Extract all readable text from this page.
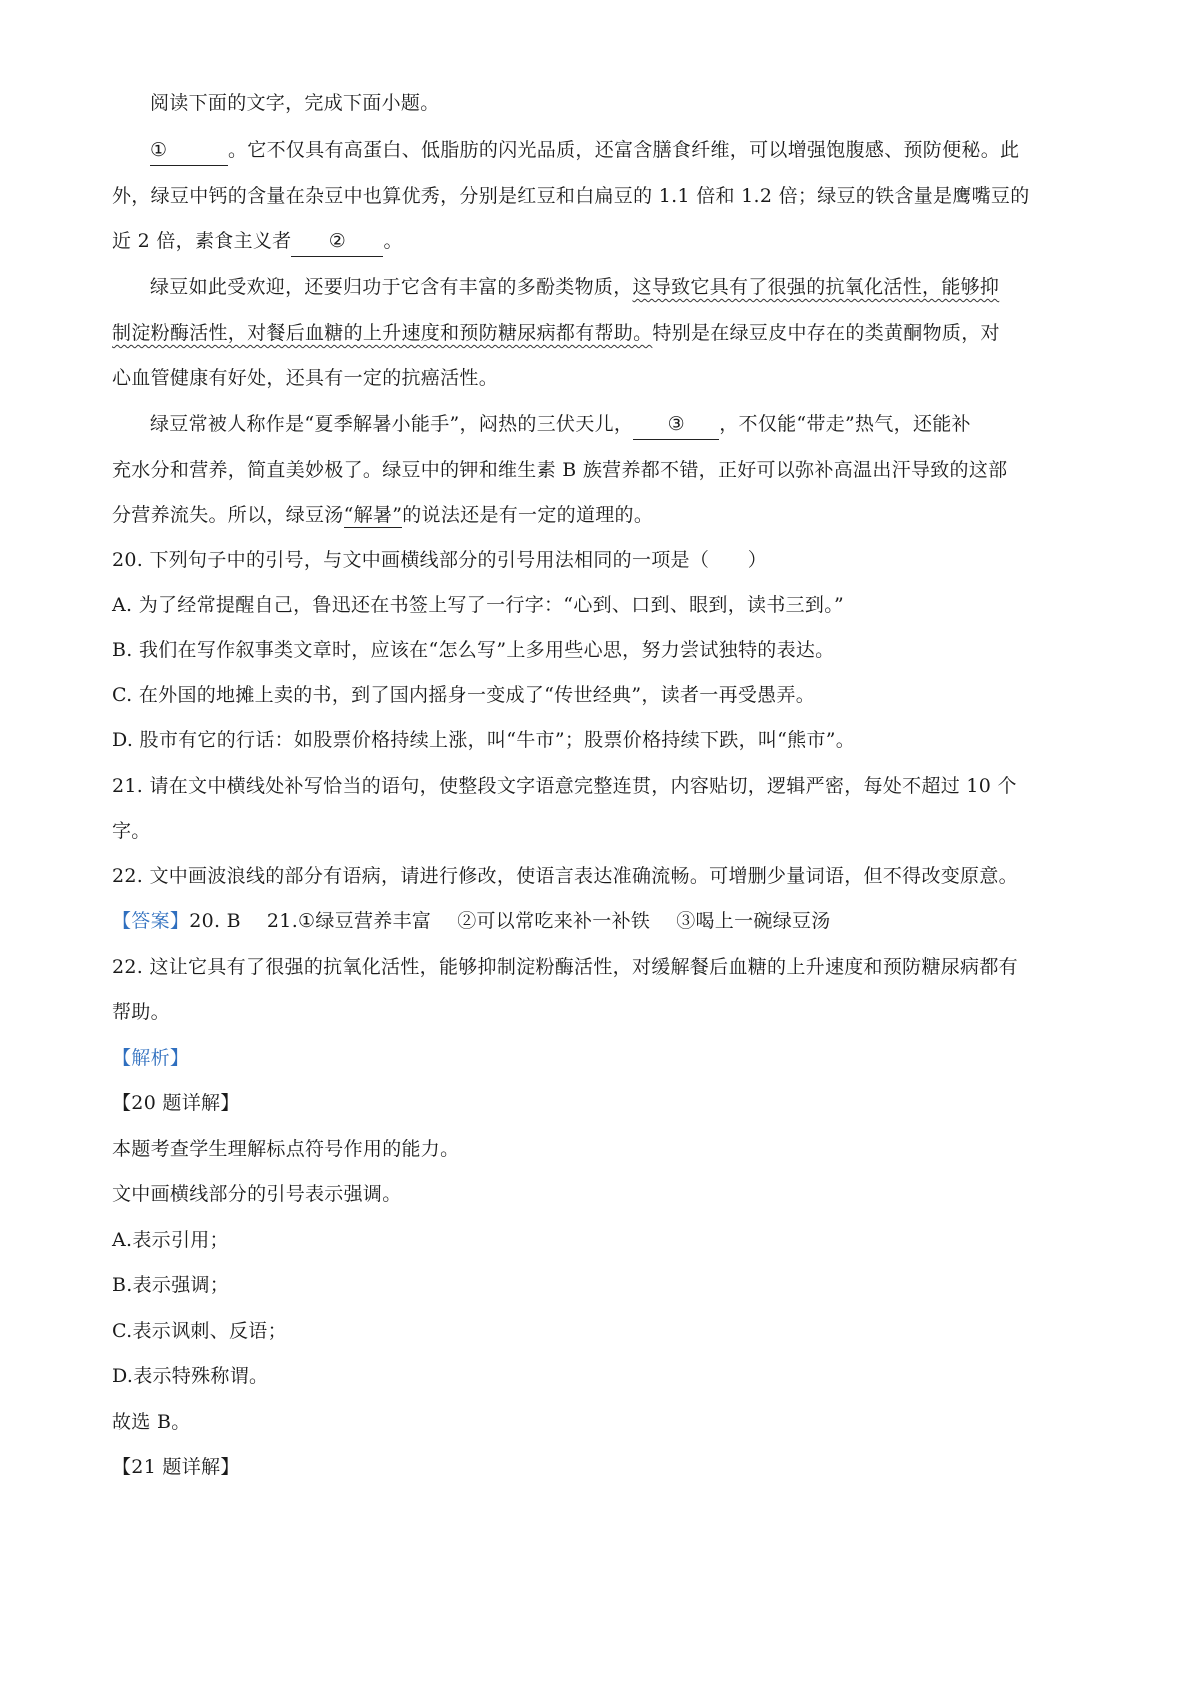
阅读下面的文字，完成下面小题。
①	。它不仅具有高蛋白、低脂肪的闪光品质，还富含膳食纤维，可以增强饱腹感、预防便秘。此
外，绿豆中钙的含量在杂豆中也算优秀，分别是红豆和白扁豆的 1.1 倍和 1.2 倍；绿豆的铁含量是鹰嘴豆的
近 2 倍，素食主义者 ② 。
绿豆如此受欢迎，还要归功于它含有丰富的多酚类物质，这导致它具有了很强的抗氧化活性，能够抑
制淀粉酶活性，对餐后血糖的上升速度和预防糖尿病都有帮助。特别是在绿豆皮中存在的类黄酮物质，对
心血管健康有好处，还具有一定的抗癌活性。
绿豆常被人称作是“夏季解暑小能手”，闷热的三伏天儿， ③ ，不仅能“带走”热气，还能补
充水分和营养，简直美妙极了。绿豆中的钾和维生素 B 族营养都不错，正好可以弥补高温出汗导致的这部
分营养流失。所以，绿豆汤“解暑”的说法还是有一定的道理的。
20. 下列句子中的引号，与文中画横线部分的引号用法相同的一项是（　　）
A. 为了经常提醒自己，鲁迅还在书签上写了一行字：“心到、口到、眼到，读书三到。”
B. 我们在写作叙事类文章时，应该在“怎么写”上多用些心思，努力尝试独特的表达。
C. 在外国的地摊上卖的书，到了国内摇身一变成了“传世经典”，读者一再受愚弄。
D. 股市有它的行话：如股票价格持续上涨，叫“牛市”；股票价格持续下跌，叫“熊市”。
21. 请在文中横线处补写恰当的语句，使整段文字语意完整连贯，内容贴切，逻辑严密，每处不超过 10 个
字。
22. 文中画波浪线的部分有语病，请进行修改，使语言表达准确流畅。可增删少量词语，但不得改变原意。
【答案】20. B 21.①绿豆营养丰富 ②可以常吃来补一补铁 ③喝上一碗绿豆汤
22. 这让它具有了很强的抗氧化活性，能够抑制淀粉酶活性，对缓解餐后血糖的上升速度和预防糖尿病都有
帮助。
【解析】
【20 题详解】
本题考查学生理解标点符号作用的能力。
文中画横线部分的引号表示强调。
A.表示引用；
B.表示强调；
C.表示讽刺、反语；
D.表示特殊称谓。
故选 B。
【21 题详解】
